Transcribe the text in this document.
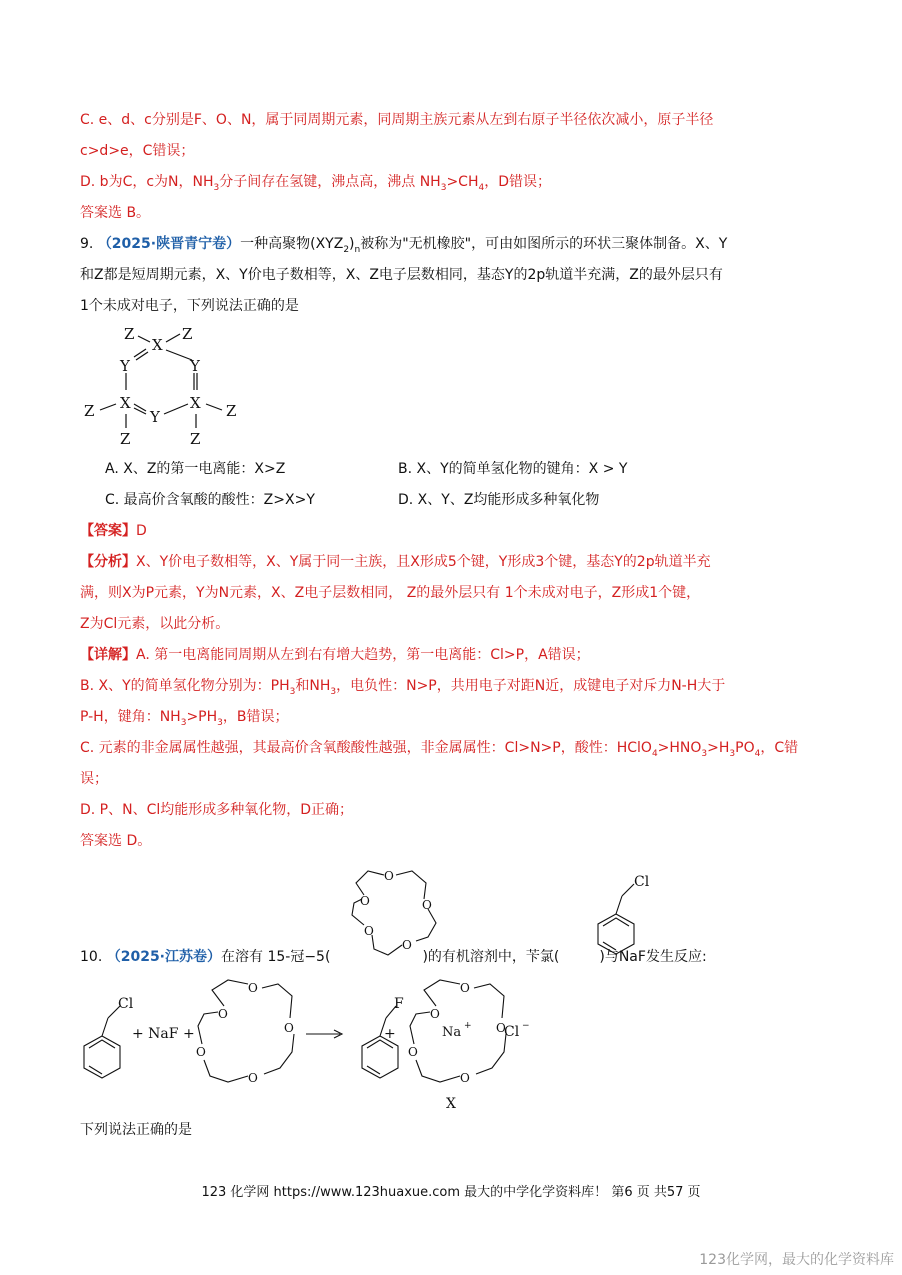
C. e、d、c分别是F、O、N，属于同周期元素，同周期主族元素从左到右原子半径依次减小，原子半径
c>d>e，C错误；
D. b为C，c为N，$NH_3$分子间存在氢键，沸点高，沸点 $NH_3>CH_4$，D错误；
答案选 B。
9. （2025·陕晋青宁卷）一种高聚物$(XYZ_2)_n$被称为"无机橡胶"，可由如图所示的环状三聚体制备。X、Y
和Z都是短周期元素，X、Y价电子数相等，X、Z电子层数相同，基态Y的2p轨道半充满，Z的最外层只有
1个未成对电子，下列说法正确的是
Z
X
Z
Y	Y
Z X
Y
X Z
Z	Z
A. X、Z的第一电离能：X>Z	B. X、Y的简单氢化物的键角：X > Y
C. 最高价含氧酸的酸性：Z>X>Y	D. X、Y、Z均能形成多种氧化物
【答案】D
【分析】X、Y价电子数相等，X、Y属于同一主族，且X形成5个键，Y形成3个键，基态Y的2p轨道半充
满，则X为P元素，Y为N元素，X、Z电子层数相同， Z的最外层只有 1个未成对电子，Z形成1个键，
Z为Cl元素，以此分析。
【详解】A. 第一电离能同周期从左到右有增大趋势，第一电离能：Cl>P，A错误；
B. X、Y的简单氢化物分别为：$PH_3$和$NH_3$，电负性：N>P，共用电子对距N近，成键电子对斥力N-H大于
P-H，键角：$NH_3>PH_3$，B错误；
C. 元素的非金属属性越强，其最高价含氧酸酸性越强，非金属属性：Cl>N>P，酸性：$HClO_4>HNO_3>H_3PO_4$，C错
误；
D. P、N、Cl均能形成多种氧化物，D正确；
答案选 D。
O
O
O
O
O
Cl
10. （2025·江苏卷）在溶有 15-冠−5(	)的有机溶剂中，苄氯(	)与NaF发生反应:
Cl
+ NaF +
O
O
O
O
O
F
+
O
O
O
O
O
Na + Cl −
X
下列说法正确的是
123 化学网 https://www.123huaxue.com 最大的中学化学资料库！ 第6 页 共57 页
123化学网，最大的化学资料库
